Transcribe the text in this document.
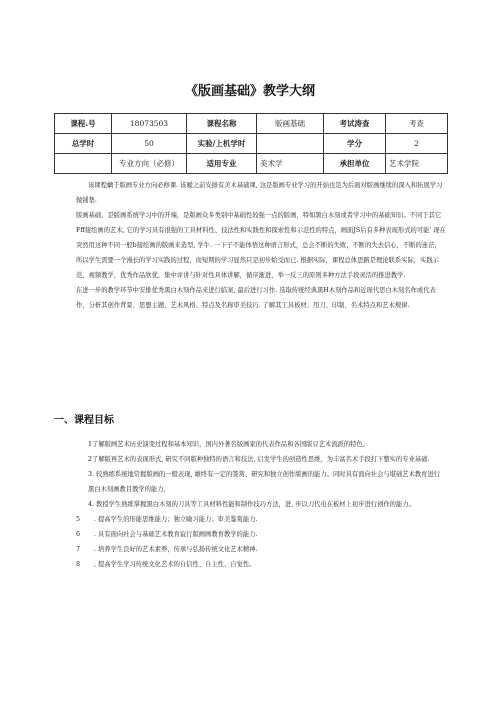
《版画基础》教学大纲
课程.号	18073503	课程名称	版画基础	考试涛查	考查
总学时	50	实验/上机学时		学分	2
	专业方向（必修）	适用专业	美术学	承担单位	艺术学院

该课程螭于版画专业方向必修课. 该暧之前安排有美术基础课, 这是版画专业学习的开始也是为后面对版画继续的深入和拓展学习做铺垫.

版画基础，是版画系统学习中的开端，是版画众多类别中基础性较强一点的版画，特如黑白木刻或者学习中的基础知识。不同于其它Fff接绘画的艺术, 它的学习具有很强的工具材料性、技法性和实践性和探索性和示范性的特点，画面JS后有多种表现形式的可能' 现在突然用这种不同一般b接绘画的版画来造型, 学牛. 一下子不能体悟这种语言形式，总会不断的失败，不断的失去信心，不断的迷茫，所以学生需要一个漫长的学习实践的过程，而短期的学习显然只是初步蛤受而已. 根据实际，课程总体思路是理论联系实际，实践示范，视频教学，优秀作品欣优，集中评讲与针对性具体讲解，循序渐进，举一反三的原则多种方法手段灵活的推进教学.

在进一步的教学环节中安排优秀黑白木刻作品来进行临案, 最后进行习作. 选取传统经典黑H木刻作品和近现代思白木刻名作或代表作，分析其创作背景、思想主题、艺术风格、特点及名称审美技巧. 了解其工具板材、用刀、印制、名术特点和艺术规律.

一、课程目标

1了解版画艺术历史演变过程和基本知识，国内外著名版画家的代表作品和各国版豆艺术流派的特色。

2了解版再艺术的表现形式, 研究不同版种独特的语言和技法, 启发学生的创造性思维，为丰富名术手段打下整实的专业基础.

3. 较熟练系统地常握版画的一般表现, 雄终有一定的签赏、研究和独立创作版画的能力。同时具有面向社会与堪础艺术教育进行黑白木刻画教目教学的能力，

4. 教授学生熟练掌握黑白木刻的刀具等工具材料性能和制作技巧方法，进, 步以刀代电在板材上初步进行创作的能力。

5 . 提高学生的形能思维能力；独立喻习能力；审美鉴赏能力.

6 . 具有面向社会与基础艺术教育谊行版画画教育教学的能力.

7 . 培养学生良好的艺术素养，传承与弘扬传统文化艺术精神.

8 , 提高学生学习传统文化艺术的自信性、自主性、自觉性。
